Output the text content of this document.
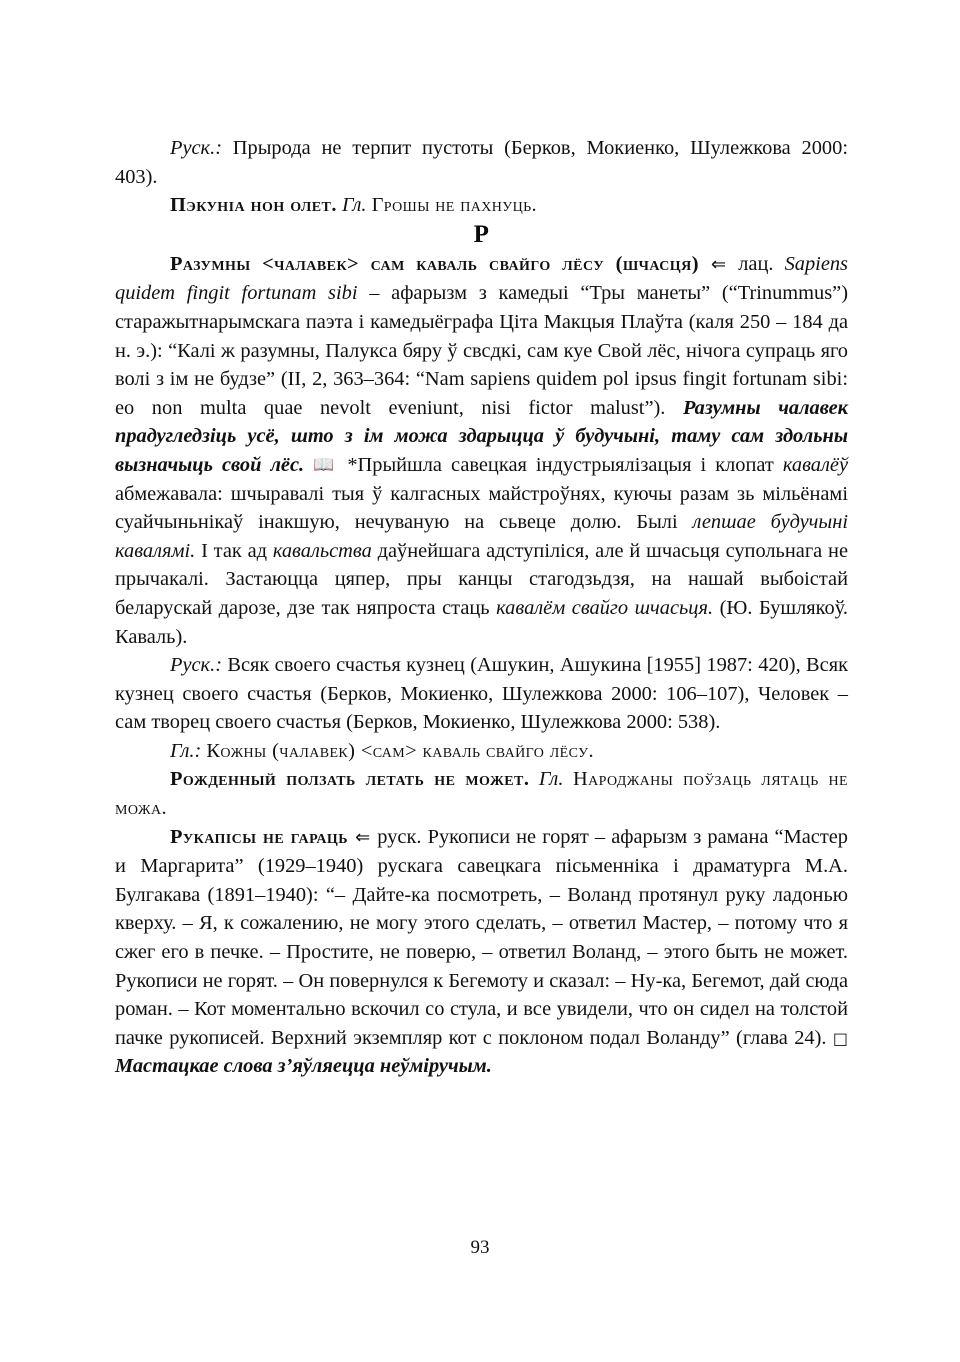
Руск.: Прырода не терпит пустоты (Берков, Мокиенко, Шулежкова 2000: 403).

Пэкуніа нон олет. Гл. Грошы не пахнуць.

Р

Разумны <чалавек> сам каваль свайго лёсу (шчасця) ⇐ лац. Sapiens quidem fingit fortunam sibi – афарызм з камедыі “Тры манеты” (“Trinummus”) старажытнарымскага паэта і камедыёграфа Ціта Макцыя Плаўта (каля 250 – 184 да н. э.): “Калі ж разумны, Палукса бяру ў свсдкі, сам куе Свой лёс, нічога супраць яго волі з ім не будзе” (II, 2, 363–364: “Nam sapiens quidem pol ipsus fingit fortunam sibi: eo non multa quae nevolt eveniunt, nisi fictor malust”). Разумны чалавек прадугледзіць усё, што з ім можа здарыцца ў будучыні, таму сам здольны вызначыць свой лёс. 📖 *Прыйшла савецкая індустрыялізацыя і клопат кавалёў абмежавала: шчыравалі тыя ў калгасных майстроўнях, куючы разам зь мільёнамі суайчыньнікаў інакшую, нечуваную на сьвеце долю. Былі лепшае будучыні кавалямі. І так ад кавальства даўнейшага адступіліся, але й шчасьця супольнага не прычакалі. Застаюцца цяпер, пры канцы стагодзьдзя, на нашай выбоістай беларускай дарозе, дзе так няпроста стаць кавалём свайго шчасьця. (Ю. Бушлякоў. Каваль).

Руск.: Всяк своего счастья кузнец (Ашукин, Ашукина [1955] 1987: 420), Всяк кузнец своего счастья (Берков, Мокиенко, Шулежкова 2000: 106–107), Человек – сам творец своего счастья (Берков, Мокиенко, Шулежкова 2000: 538).

Гл.: Кожны (чалавек) <сам> каваль свайго лёсу.

Рожденный ползать летать не может. Гл. Народжаны поўзаць лятаць не можа.

Рукапісы не гараць ⇐ руск. Рукописи не горят – афарызм з рамана “Мастер и Маргарита” (1929–1940) рускага савецкага пісьменніка і драматурга М.А. Булгакава (1891–1940): “– Дайте-ка посмотреть, – Воланд протянул руку ладонью кверху. – Я, к сожалению, не могу этого сделать, – ответил Мастер, – потому что я сжег его в печке. – Простите, не поверю, – ответил Воланд, – этого быть не может. Рукописи не горят. – Он повернулся к Бегемоту и сказал: – Ну-ка, Бегемот, дай сюда роман. – Кот моментально вскочил со стула, и все увидели, что он сидел на толстой пачке рукописей. Верхний экземпляр кот с поклоном подал Воланду” (глава 24). □ Мастацкае слова з’яўляецца неўміручым.

93
